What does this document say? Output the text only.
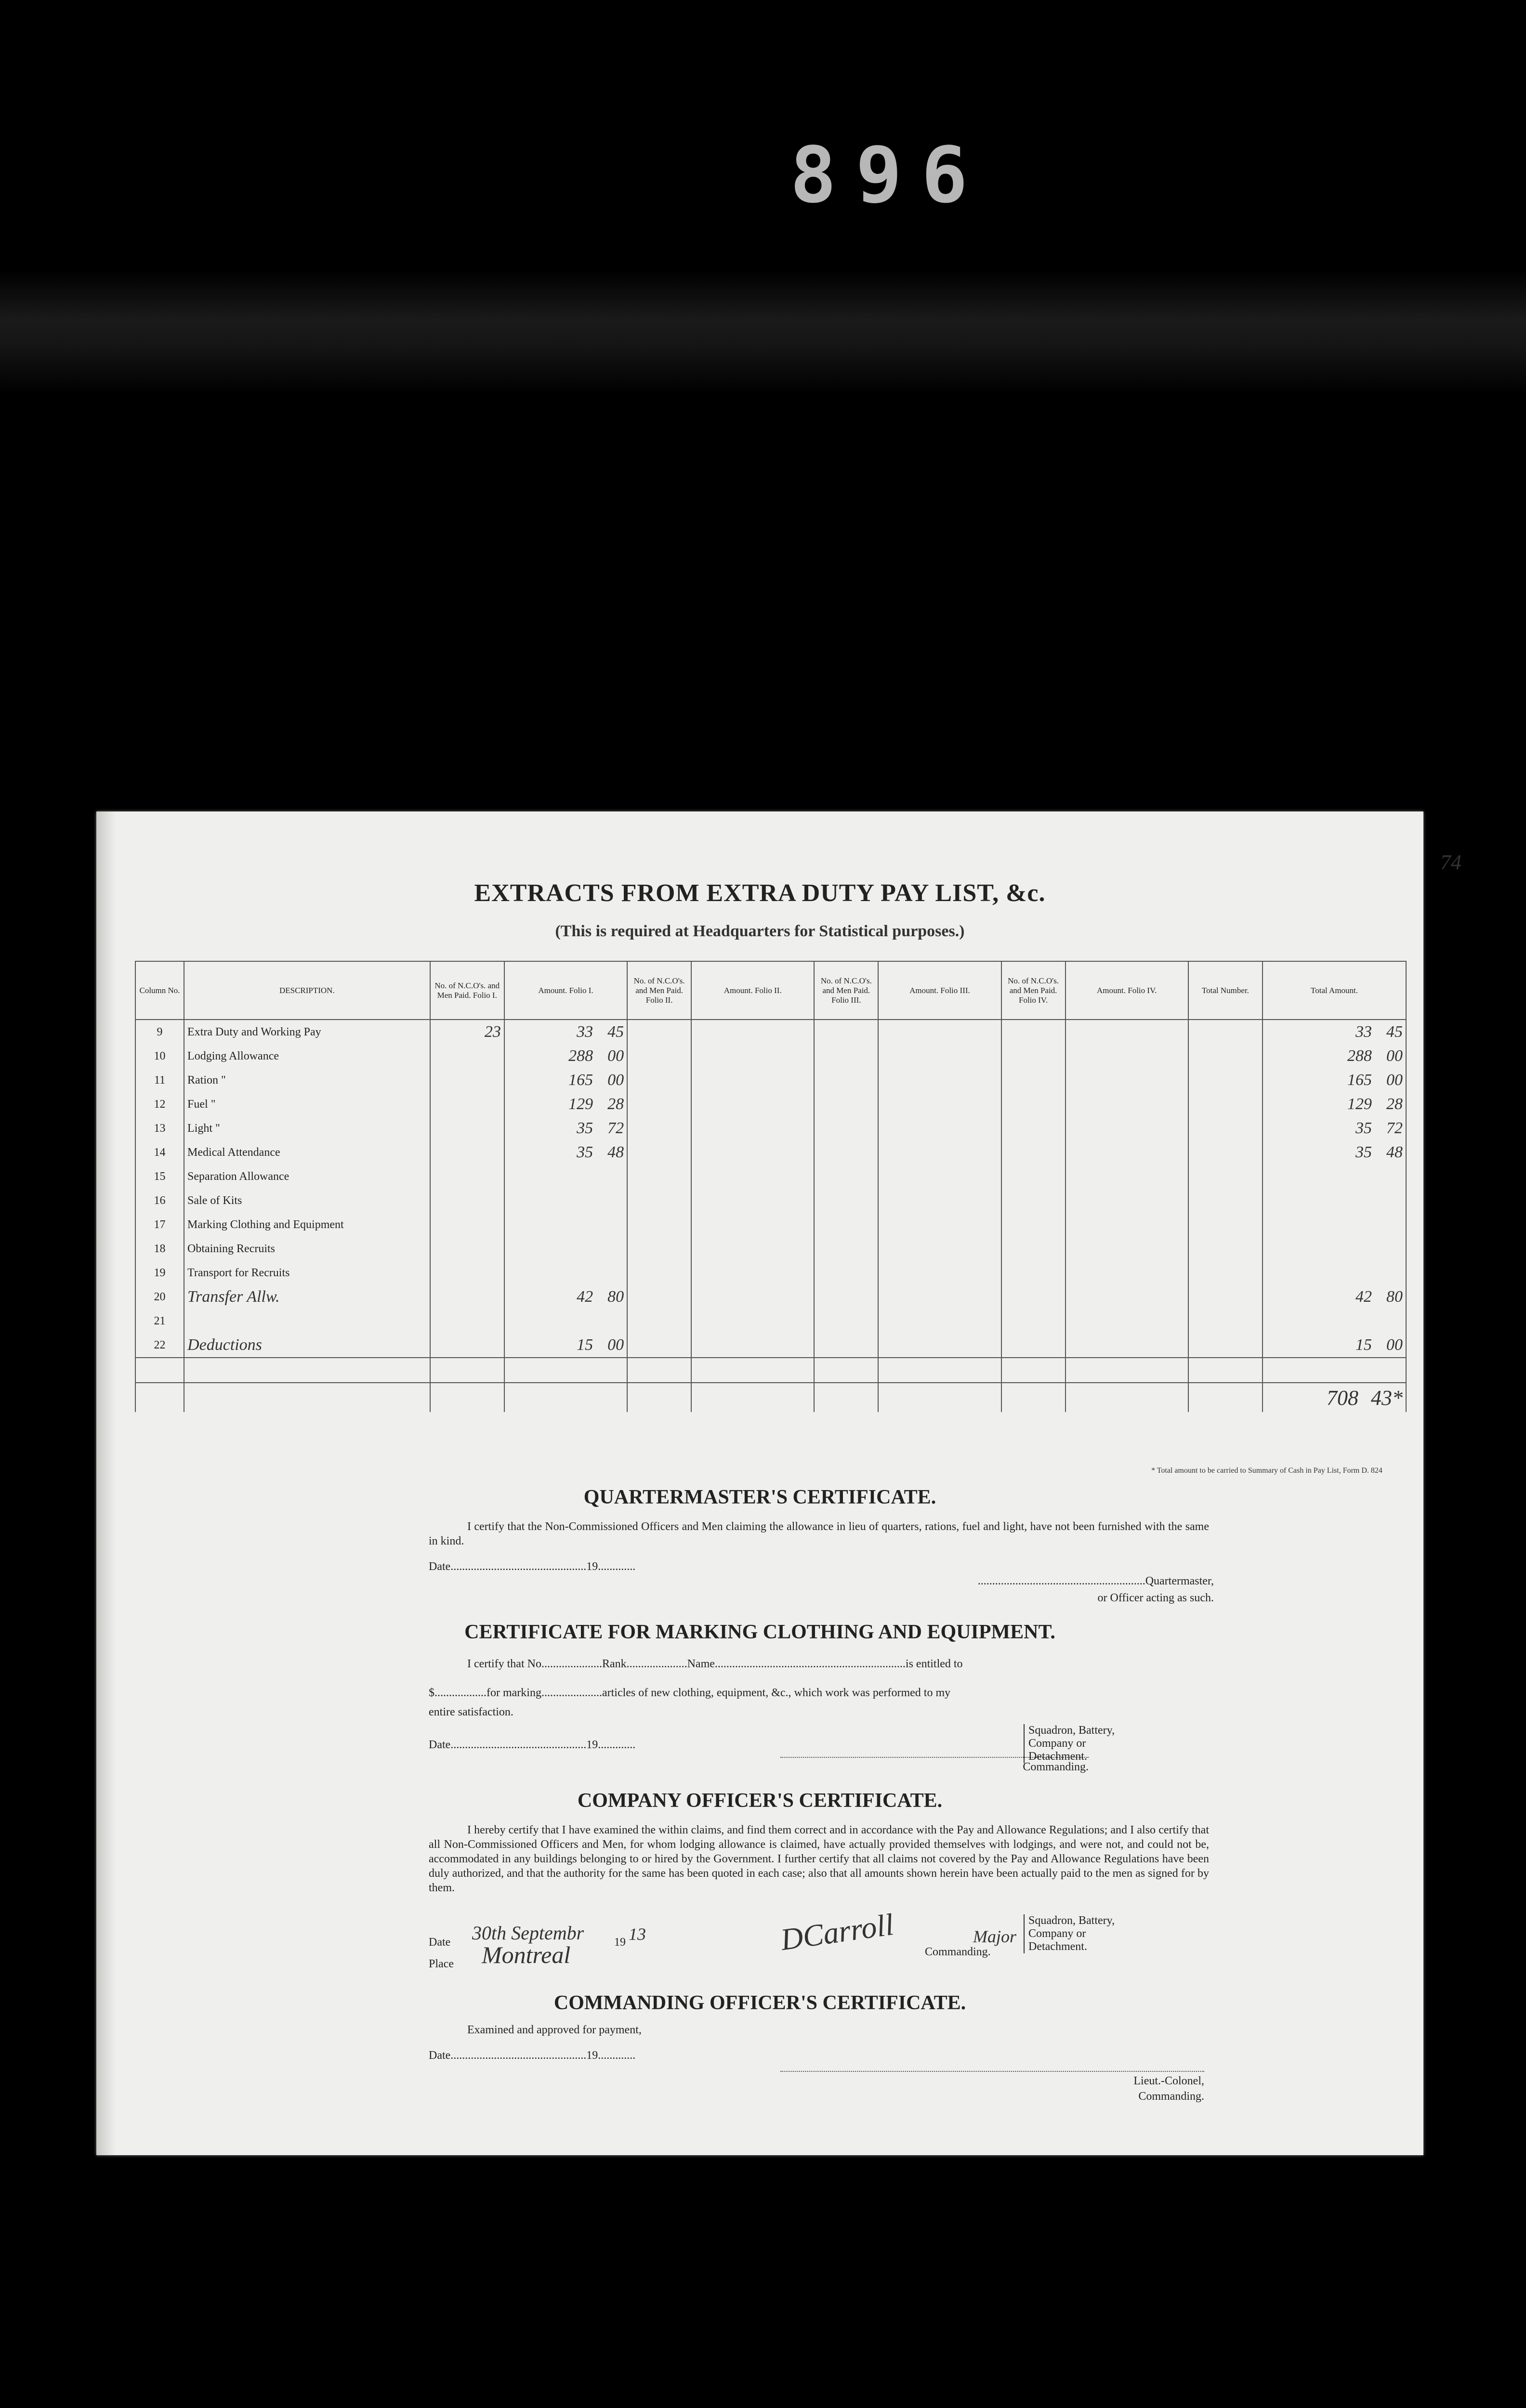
896
74
EXTRACTS FROM EXTRA DUTY PAY LIST, &c.
(This is required at Headquarters for Statistical purposes.)
Column No.	DESCRIPTION.	No. of N.C.O's. and Men Paid. Folio I.	Amount. Folio I.	No. of N.C.O's. and Men Paid. Folio II.	Amount. Folio II.	No. of N.C.O's. and Men Paid. Folio III.	Amount. Folio III.	No. of N.C.O's. and Men Paid. Folio IV.	Amount. Folio IV.	Total Number.	Total Amount.
9	Extra Duty and Working Pay	23	33 45								33 45
10	Lodging Allowance		288 00								288 00
11	Ration "		165 00								165 00
12	Fuel "		129 28								129 28
13	Light "		35 72								35 72
14	Medical Attendance		35 48								35 48
15	Separation Allowance										
16	Sale of Kits										
17	Marking Clothing and Equipment										
18	Obtaining Recruits										
19	Transport for Recruits										
20	Transfer Allw.		42 80								42 80
21											
22	Deductions		15 00								15 00

											708 43*
* Total amount to be carried to Summary of Cash in Pay List, Form D. 824
QUARTERMASTER'S CERTIFICATE.
I certify that the Non-Commissioned Officers and Men claiming the allowance in lieu of quarters, rations, fuel and light, have not been furnished with the same in kind.
Date...............................................19.............
..........................................................Quartermaster,
or Officer acting as such.
CERTIFICATE FOR MARKING CLOTHING AND EQUIPMENT.
I certify that No.....................Rank.....................Name..................................................................is entitled to
$..................for marking.....................articles of new clothing, equipment, &c., which work was performed to my
entire satisfaction.
Date...............................................19.............
Commanding.
Squadron, Battery, Company or Detachment.
COMPANY OFFICER'S CERTIFICATE.
I hereby certify that I have examined the within claims, and find them correct and in accordance with the Pay and Allowance Regulations; and I also certify that all Non-Commissioned Officers and Men, for whom lodging allowance is claimed, have actually provided themselves with lodgings, and were not, and could not be, accommodated in any buildings belonging to or hired by the Government. I further certify that all claims not covered by the Pay and Allowance Regulations have been duly authorized, and that the authority for the same has been quoted in each case; also that all amounts shown herein have been actually paid to the men as signed for by them.
Date 30th Septembr	19 13
Place Montreal	DCarroll	Major
Commanding.
Squadron, Battery, Company or Detachment.
COMMANDING OFFICER'S CERTIFICATE.
Examined and approved for payment,
Date...............................................19.............
Lieut.-Colonel,
Commanding.
